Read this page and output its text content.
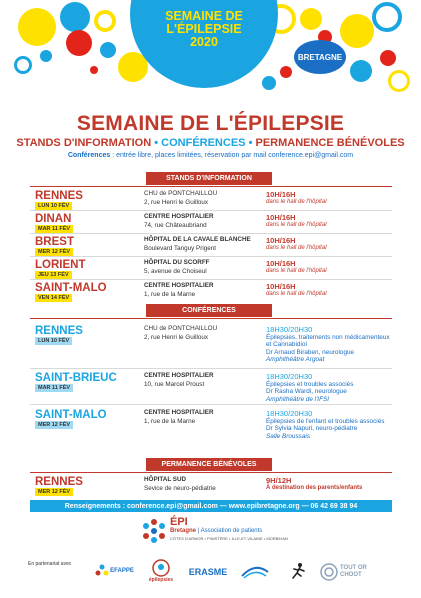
SEMAINE DE
L'ÉPILEPSIE
2020
BRETAGNE
SEMAINE DE L'ÉPILEPSIE
STANDS D'INFORMATION • CONFÉRENCES • PERMANENCE BÉNÉVOLES
Conférences : entrée libre, places limitées, réservation par mail conference.epi@gmail.com
STANDS D'INFORMATION
RENNES
LUN 10 FÉV
CHU de PONTCHAILLOU
2, rue Henri le Guilloux
10H/16H
dans le hall de l'hôpital
DINAN
MAR 11 FÉV
CENTRE HOSPITALIER
74, rue Châteaubriand
10H/16H
dans le hall de l'hôpital
BREST
MER 12 FÉV
HÔPITAL DE LA CAVALE BLANCHE
Boulevard Tanguy Prigent
10H/16H
dans le hall de l'hôpital
LORIENT
JEU 13 FÉV
HÔPITAL DU SCORFF
5, avenue de Choiseul
10H/16H
dans le hall de l'hôpital
SAINT-MALO
VEN 14 FÉV
CENTRE HOSPITALIER
1, rue de la Marne
10H/16H
dans le hall de l'hôpital
CONFÉRENCES
RENNES
LUN 10 FÉV
CHU de PONTCHAILLOU
2, rue Henri le Guilloux
18H30/20H30
Épilepsies, traitements non médicamenteux et Cannabidiol
Dr Arnaud Biraben, neurologue
Amphithéâtre Argoat
SAINT-BRIEUC
MAR 11 FÉV
CENTRE HOSPITALIER
10, rue Marcel Proust
18H30/20H30
Épilepsies et troubles associés
Dr Rasha Wardi, neurologue
Amphithéâtre de l'IFSI
SAINT-MALO
MER 12 FÉV
CENTRE HOSPITALIER
1, rue de la Marne
18H30/20H30
Épilepsies de l'enfant et troubles associés
Dr Sylvia Napuri, neuro-pédiatre
Salle Broussais
PERMANENCE BÉNÉVOLES
RENNES
MER 12 FÉV
HÔPITAL SUD
Sevice de neuro-pédiatrie
9H/12H
À destination des parents/enfants
Renseignements : conference.epi@gmail.com — www.epibretagne.org — 06 42 69 38 94
ÉPI
Bretagne | Association de patients
CÔTES D'ARMOR • FINISTÈRE • ILLE-ET-VILAINE • MORBIHAN
En partenariat avec
EFAPPE
épilepsies
ERASME	TOUT OR CHOOT
